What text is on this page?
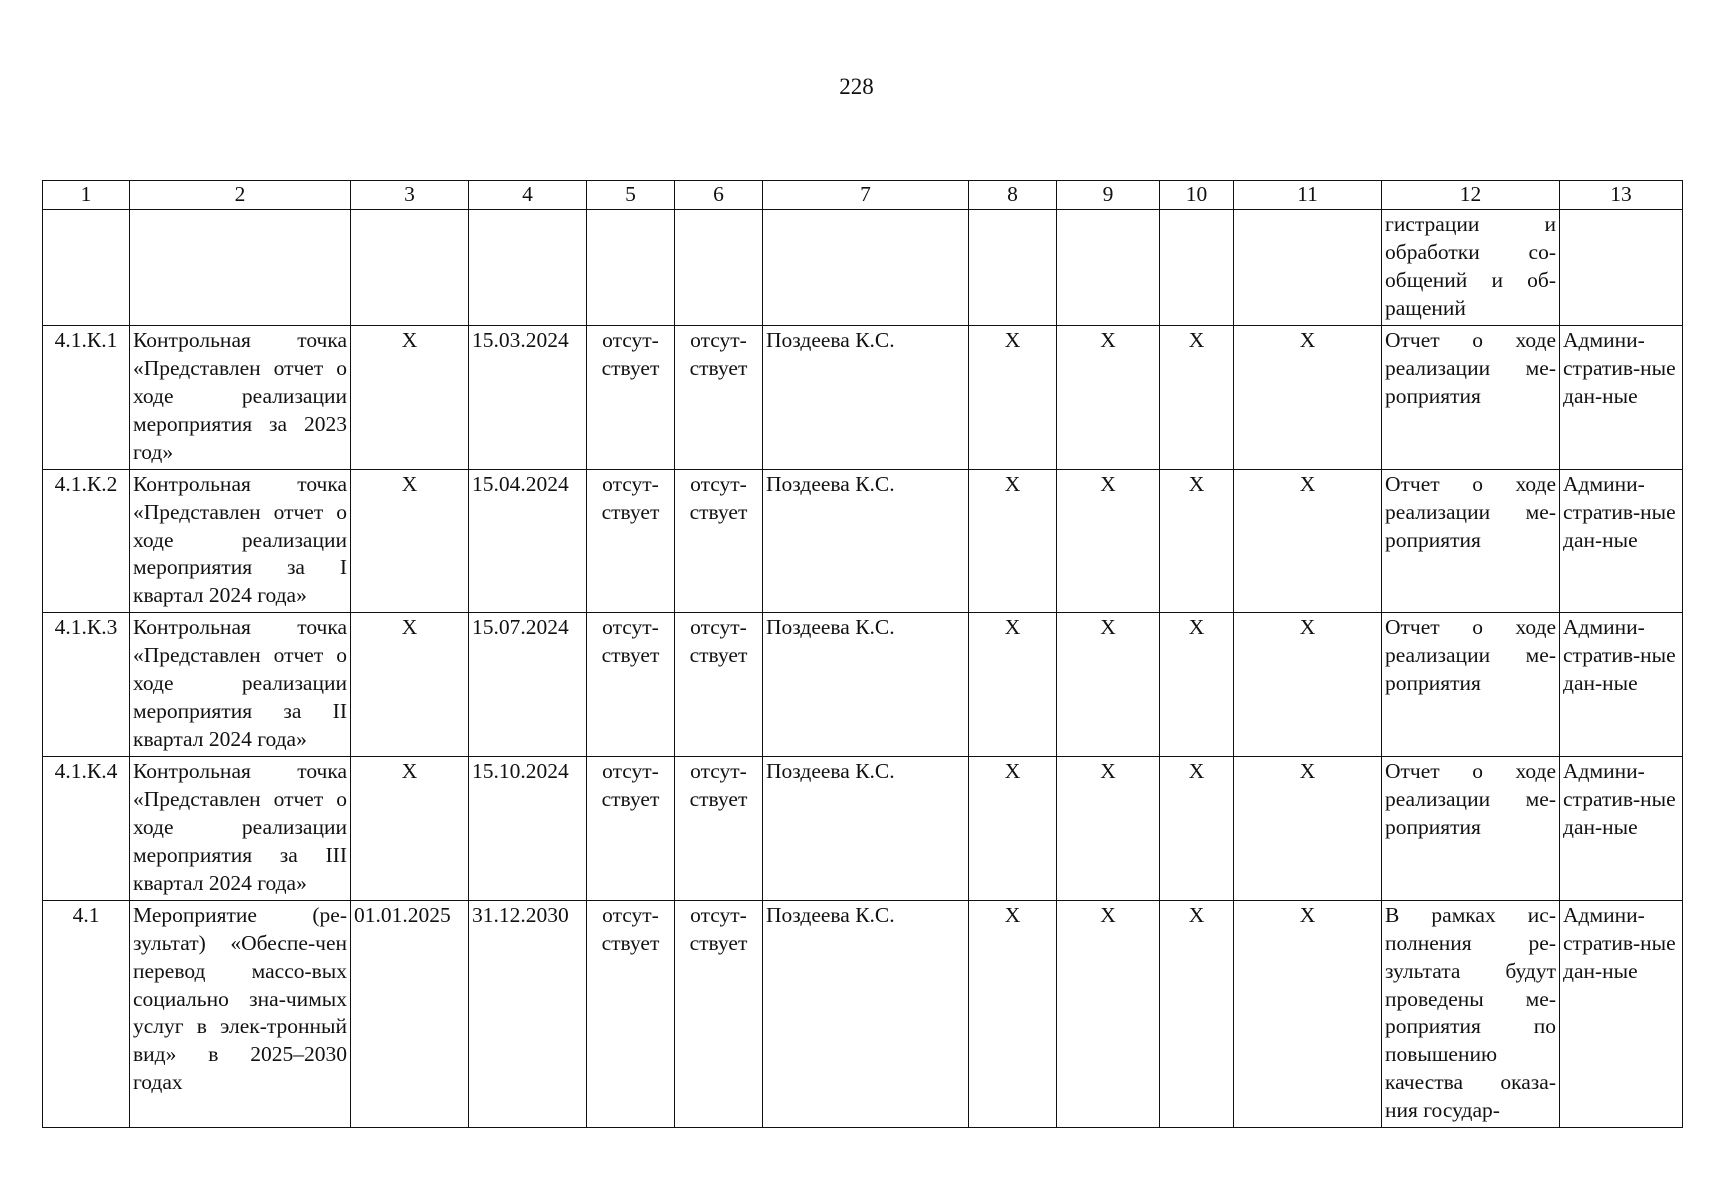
228
1	2	3	4	5	6	7	8	9	10	11	12	13
											гистрации и обработки со-общений и об-ращений	
4.1.К.1	Контрольная точка «Представлен отчет о ходе реализации мероприятия за 2023 год»	Х	15.03.2024	отсут-ствует	отсут-ствует	Поздеева К.С.	Х	Х	Х	Х	Отчет о ходе реализации ме-роприятия	Админи-стратив-ные дан-ные
4.1.К.2	Контрольная точка «Представлен отчет о ходе реализации мероприятия за I квартал 2024 года»	Х	15.04.2024	отсут-ствует	отсут-ствует	Поздеева К.С.	Х	Х	Х	Х	Отчет о ходе реализации ме-роприятия	Админи-стратив-ные дан-ные
4.1.К.3	Контрольная точка «Представлен отчет о ходе реализации мероприятия за II квартал 2024 года»	Х	15.07.2024	отсут-ствует	отсут-ствует	Поздеева К.С.	Х	Х	Х	Х	Отчет о ходе реализации ме-роприятия	Админи-стратив-ные дан-ные
4.1.К.4	Контрольная точка «Представлен отчет о ходе реализации мероприятия за III квартал 2024 года»	Х	15.10.2024	отсут-ствует	отсут-ствует	Поздеева К.С.	Х	Х	Х	Х	Отчет о ходе реализации ме-роприятия	Админи-стратив-ные дан-ные
4.1	Мероприятие (ре-зультат) «Обеспе-чен перевод массо-вых социально зна-чимых услуг в элек-тронный вид» в 2025–2030 годах	01.01.2025	31.12.2030	отсут-ствует	отсут-ствует	Поздеева К.С.	Х	Х	Х	Х	В рамках ис-полнения ре-зультата будут проведены ме-роприятия по повышению качества оказа-ния государ-	Админи-стратив-ные дан-ные
